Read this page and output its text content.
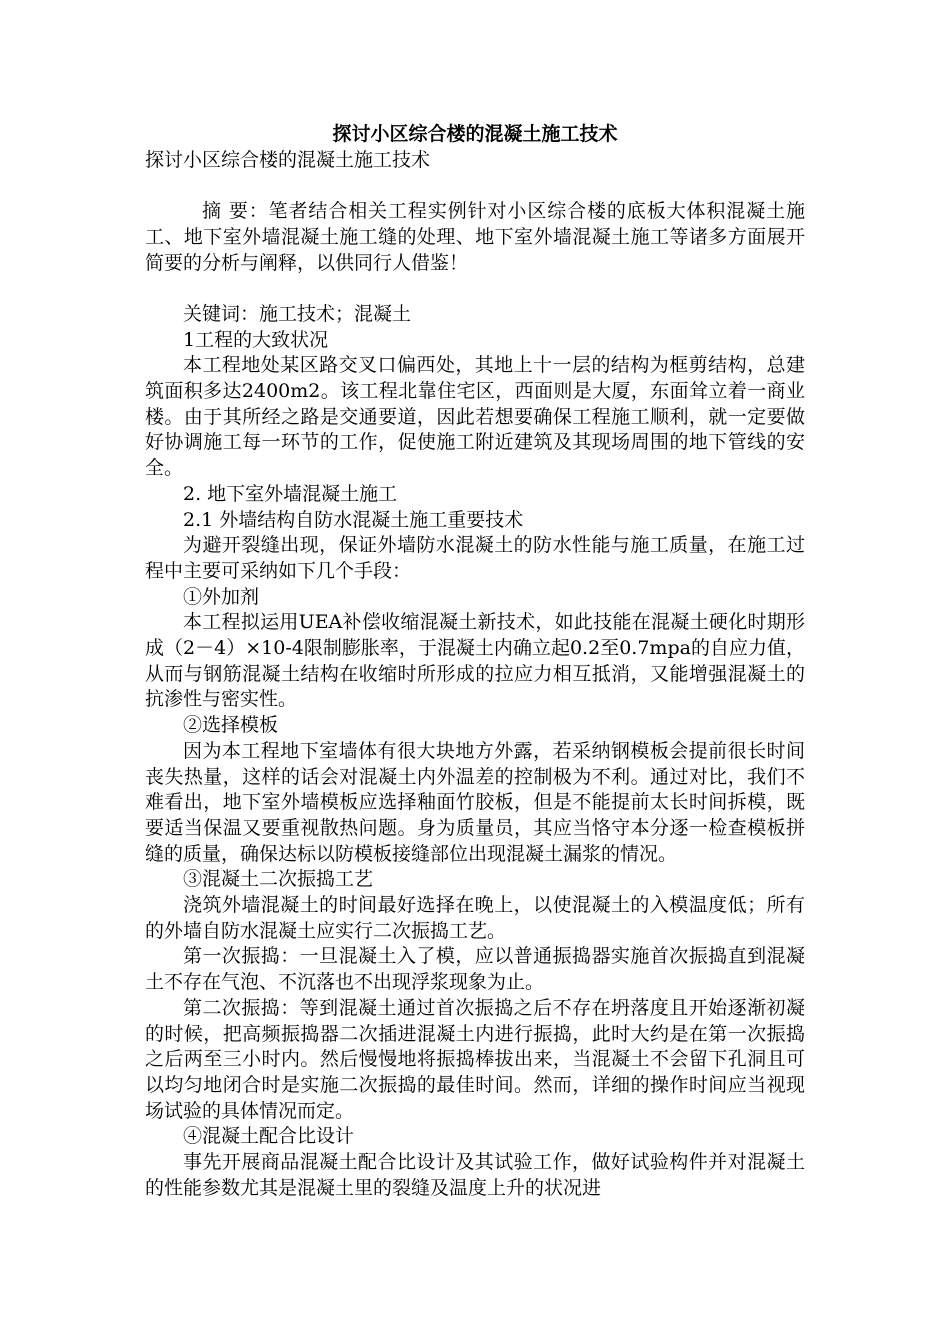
探讨小区综合楼的混凝土施工技术

探讨小区综合楼的混凝土施工技术

摘 要：笔者结合相关工程实例针对小区综合楼的底板大体积混凝土施工、地下室外墙混凝土施工缝的处理、地下室外墙混凝土施工等诸多方面展开简要的分析与阐释，以供同行人借鉴！

关键词：施工技术；混凝土

1工程的大致状况

本工程地处某区路交叉口偏西处，其地上十一层的结构为框剪结构，总建筑面积多达2400m2。该工程北靠住宅区，西面则是大厦，东面耸立着一商业楼。由于其所经之路是交通要道，因此若想要确保工程施工顺利，就一定要做好协调施工每一环节的工作，促使施工附近建筑及其现场周围的地下管线的安全。

2. 地下室外墙混凝土施工

2.1 外墙结构自防水混凝土施工重要技术

为避开裂缝出现，保证外墙防水混凝土的防水性能与施工质量，在施工过程中主要可采纳如下几个手段：

①外加剂

本工程拟运用UEA补偿收缩混凝土新技术，如此技能在混凝土硬化时期形成（2－4）×10-4限制膨胀率，于混凝土内确立起0.2至0.7mpa的自应力值，从而与钢筋混凝土结构在收缩时所形成的拉应力相互抵消，又能增强混凝土的抗渗性与密实性。

②选择模板

因为本工程地下室墙体有很大块地方外露，若采纳钢模板会提前很长时间丧失热量，这样的话会对混凝土内外温差的控制极为不利。通过对比，我们不难看出，地下室外墙模板应选择釉面竹胶板，但是不能提前太长时间拆模，既要适当保温又要重视散热问题。身为质量员，其应当恪守本分逐一检查模板拼缝的质量，确保达标以防模板接缝部位出现混凝土漏浆的情况。

③混凝土二次振捣工艺

浇筑外墙混凝土的时间最好选择在晚上，以使混凝土的入模温度低；所有的外墙自防水混凝土应实行二次振捣工艺。

第一次振捣：一旦混凝土入了模，应以普通振捣器实施首次振捣直到混凝土不存在气泡、不沉落也不出现浮浆现象为止。

第二次振捣：等到混凝土通过首次振捣之后不存在坍落度且开始逐渐初凝的时候，把高频振捣器二次插进混凝土内进行振捣，此时大约是在第一次振捣之后两至三小时内。然后慢慢地将振捣棒拔出来，当混凝土不会留下孔洞且可以均匀地闭合时是实施二次振捣的最佳时间。然而，详细的操作时间应当视现场试验的具体情况而定。

④混凝土配合比设计

事先开展商品混凝土配合比设计及其试验工作，做好试验构件并对混凝土的性能参数尤其是混凝土里的裂缝及温度上升的状况进
